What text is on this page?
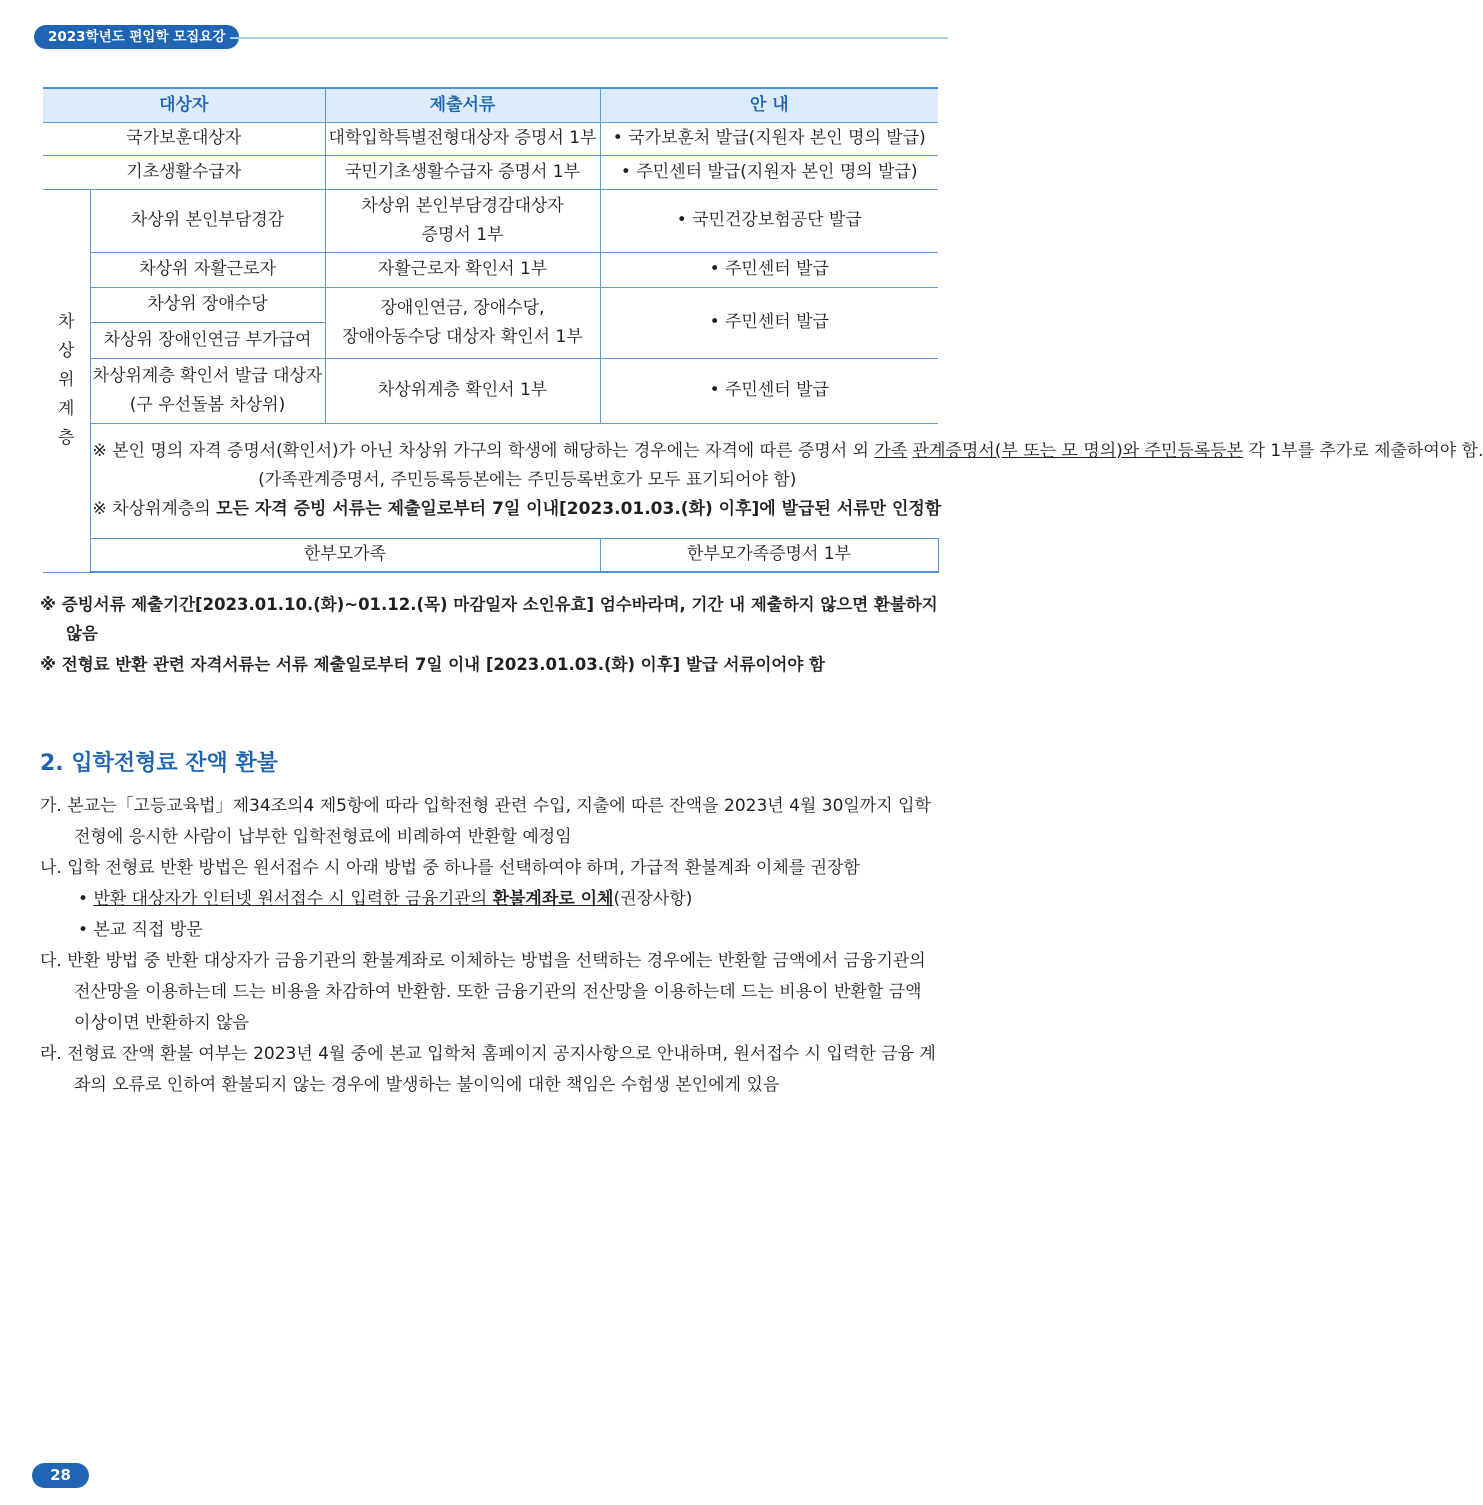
2023학년도 편입학 모집요강
대상자		제출서류	안 내	
국가보훈대상자		대학입학특별전형대상자 증명서 1부	• 국가보훈처 발급(지원자 본인 명의 발급)	
기초생활수급자		국민기초생활수급자 증명서 1부	• 주민센터 발급(지원자 본인 명의 발급)	
차
상
위
계
층	차상위 본인부담경감	차상위 본인부담경감대상자
증명서 1부	• 국민건강보험공단 발급	
	차상위 자활근로자	자활근로자 확인서 1부	• 주민센터 발급	
	차상위 장애수당	장애인연금, 장애수당,
장애아동수당 대상자 확인서 1부	• 주민센터 발급	
	차상위 장애인연금 부가급여			
	차상위계층 확인서 발급 대상자
(구 우선돌봄 차상위)	차상위계층 확인서 1부	• 주민센터 발급	

	※ 본인 명의 자격 증명서(확인서)가 아닌 차상위 가구의 학생에 해당하는 경우에는 자격에 따른 증명서 외 가족 관계증명서(부 또는 모 명의)와 주민등록등본 각 1부를 추가로 제출하여야 함.
(가족관계증명서, 주민등록등본에는 주민등록번호가 모두 표기되어야 함)
※ 차상위계층의 모든 자격 증빙 서류는 제출일로부터 7일 이내[2023.01.03.(화) 이후]에 발급된 서류만 인정함			

	한부모가족		한부모가족증명서 1부	
※ 증빙서류 제출기간[2023.01.10.(화)~01.12.(목) 마감일자 소인유효] 엄수바라며, 기간 내 제출하지 않으면 환불하지 않음
※ 전형료 반환 관련 자격서류는 서류 제출일로부터 7일 이내 [2023.01.03.(화) 이후] 발급 서류이어야 함
2. 입학전형료 잔액 환불
가. 본교는「고등교육법」제34조의4 제5항에 따라 입학전형 관련 수입, 지출에 따른 잔액을 2023년 4월 30일까지 입학전형에 응시한 사람이 납부한 입학전형료에 비례하여 반환할 예정임
나. 입학 전형료 반환 방법은 원서접수 시 아래 방법 중 하나를 선택하여야 하며, 가급적 환불계좌 이체를 권장함
• 반환 대상자가 인터넷 원서접수 시 입력한 금융기관의 환불계좌로 이체(권장사항)
• 본교 직접 방문
다. 반환 방법 중 반환 대상자가 금융기관의 환불계좌로 이체하는 방법을 선택하는 경우에는 반환할 금액에서 금융기관의 전산망을 이용하는데 드는 비용을 차감하여 반환함. 또한 금융기관의 전산망을 이용하는데 드는 비용이 반환할 금액 이상이면 반환하지 않음
라. 전형료 잔액 환불 여부는 2023년 4월 중에 본교 입학처 홈페이지 공지사항으로 안내하며, 원서접수 시 입력한 금융 계좌의 오류로 인하여 환불되지 않는 경우에 발생하는 불이익에 대한 책임은 수험생 본인에게 있음
28
